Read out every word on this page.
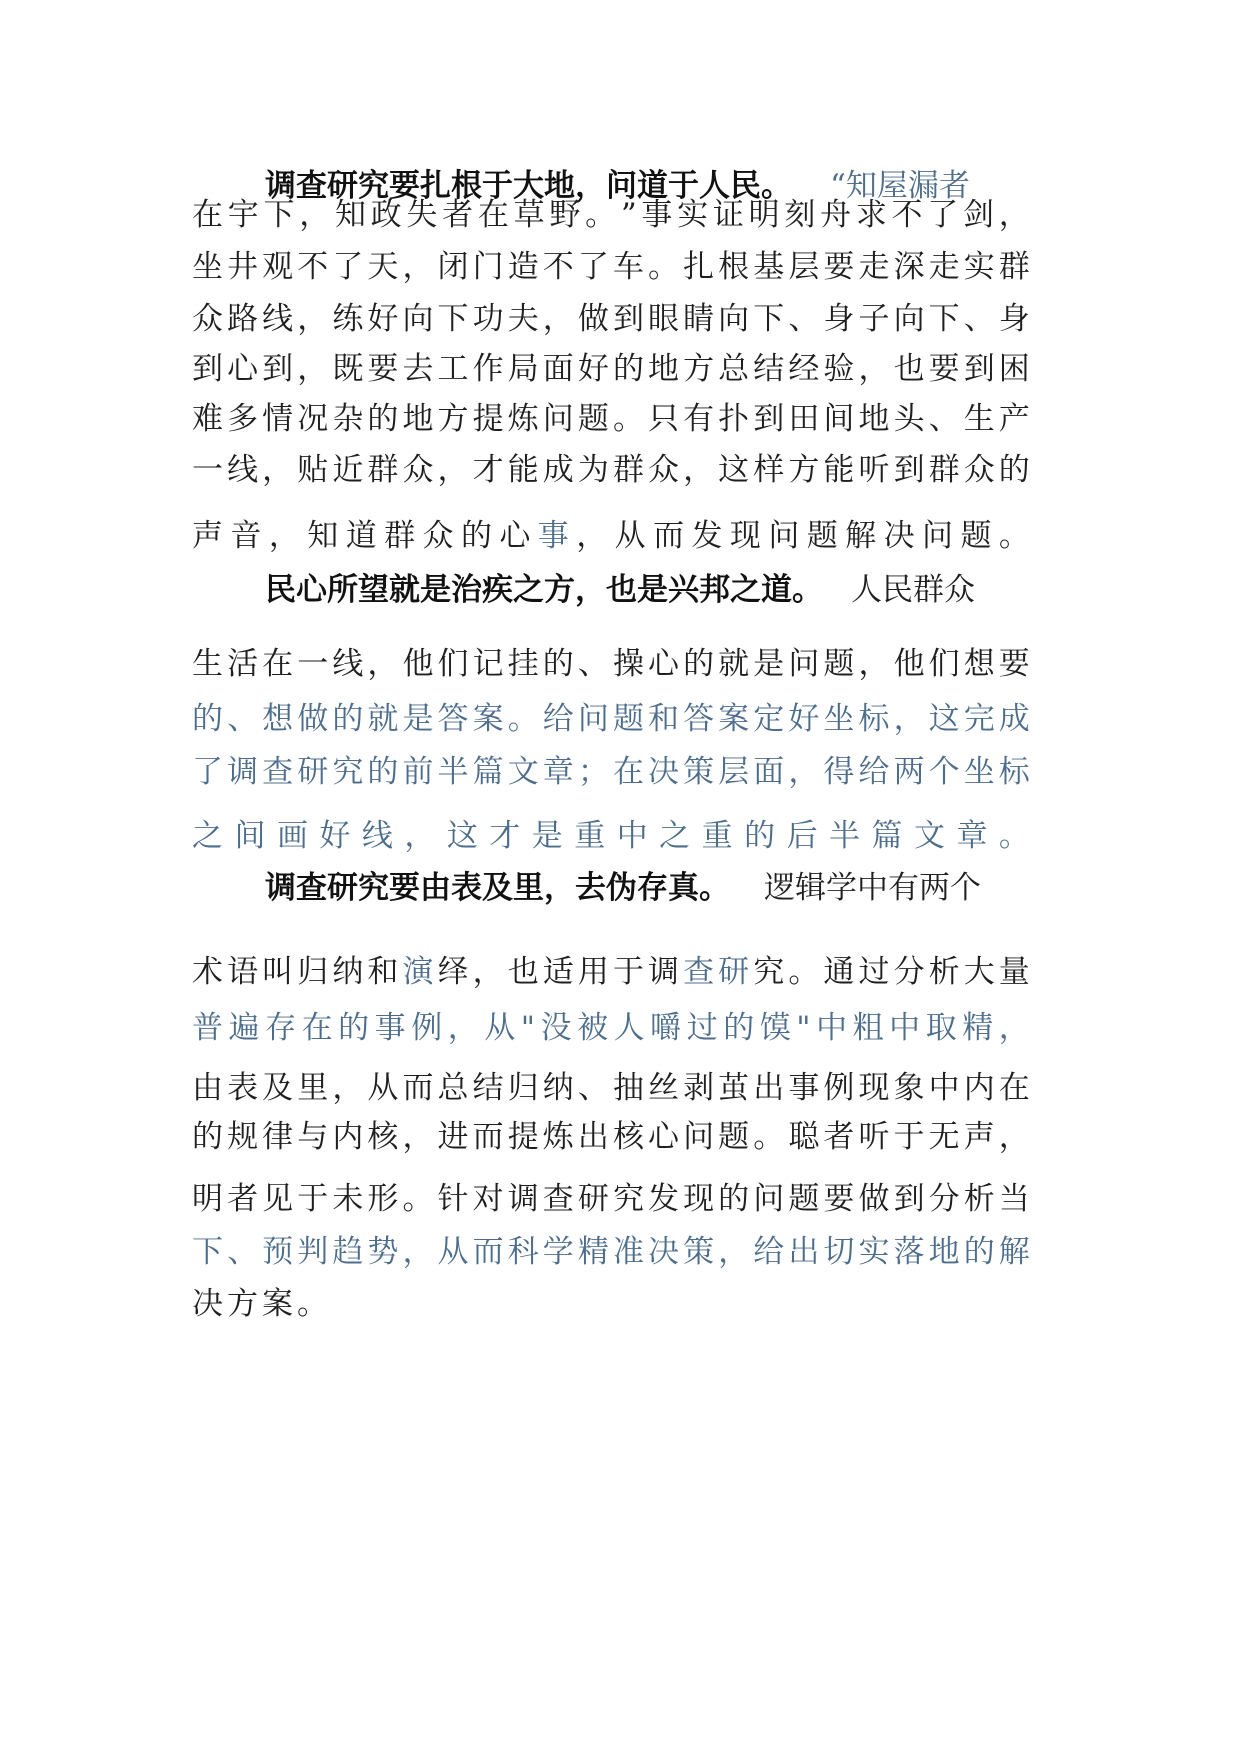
调查研究要扎根于大地，问道于人民。 “知屋漏者
在 宇 下 ， 知 政 失 者 在 草 野 。 ” 事 实 证 明 刻 舟 求 不 了 剑 ，
坐 井 观 不 了 天 ， 闭 门 造 不 了 车 。 扎 根 基 层 要 走 深 走 实 群
众 路 线 ， 练 好 向 下 功 夫 ， 做 到 眼 睛 向 下 、 身 子 向 下 、 身
到 心 到 ， 既 要 去 工 作 局 面 好 的 地 方 总 结 经 验 ， 也 要 到 困
难 多 情 况 杂 的 地 方 提 炼 问 题 。 只 有 扑 到 田 间 地 头 、 生 产
一 线 ， 贴 近 群 众 ， 才 能 成 为 群 众 ， 这 样 方 能 听 到 群 众 的
声 音 ， 知 道 群 众 的 心 事 ， 从 而 发 现 问 题 解 决 问 题 。
民心所望就是治疾之方，也是兴邦之道。 人民群众
生 活 在 一 线 ， 他 们 记 挂 的 、 操 心 的 就 是 问 题 ， 他 们 想 要
的 、 想 做 的 就 是 答 案 。 给 问 题 和 答 案 定 好 坐 标 ， 这 完 成
了 调 查 研 究 的 前 半 篇 文 章 ； 在 决 策 层 面 ， 得 给 两 个 坐 标
之 间 画 好 线 ， 这 才 是 重 中 之 重 的 后 半 篇 文 章 。
调查研究要由表及里，去伪存真。 逻辑学中有两个
术 语 叫 归 纳 和 演 绎 ， 也 适 用 于 调 查 研 究 。 通 过 分 析 大 量
普 遍 存 在 的 事 例 ， 从 " 没 被 人 嚼 过 的 馍 " 中 粗 中 取 精 ，
由 表 及 里 ， 从 而 总 结 归 纳 、 抽 丝 剥 茧 出 事 例 现 象 中 内 在
的 规 律 与 内 核 ， 进 而 提 炼 出 核 心 问 题 。 聪 者 听 于 无 声 ，
明 者 见 于 未 形 。 针 对 调 查 研 究 发 现 的 问 题 要 做 到 分 析 当
下 、 预 判 趋 势 ， 从 而 科 学 精 准 决 策 ， 给 出 切 实 落 地 的 解
决方案。
